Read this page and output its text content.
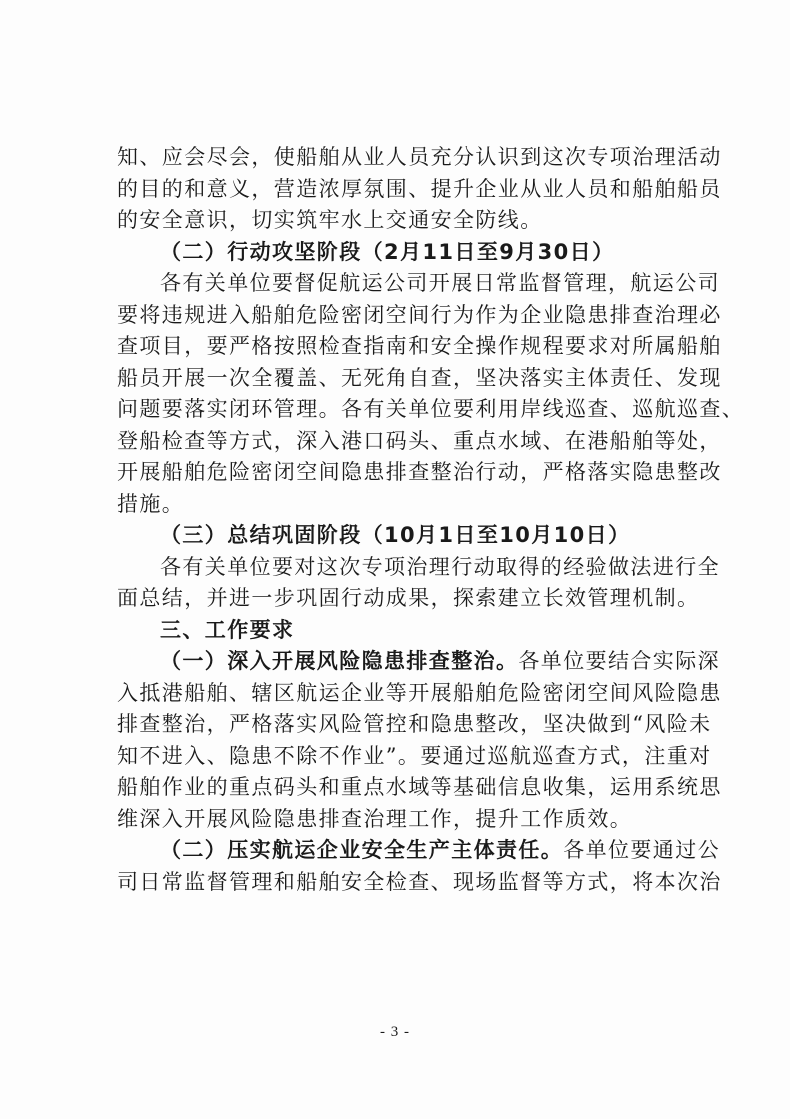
知、应会尽会，使船舶从业人员充分认识到这次专项治理活动
的目的和意义，营造浓厚氛围、提升企业从业人员和船舶船员
的安全意识，切实筑牢水上交通安全防线。
（二）行动攻坚阶段（2月11日至9月30日）
各有关单位要督促航运公司开展日常监督管理，航运公司
要将违规进入船舶危险密闭空间行为作为企业隐患排查治理必
查项目，要严格按照检查指南和安全操作规程要求对所属船舶
船员开展一次全覆盖、无死角自查，坚决落实主体责任、发现
问题要落实闭环管理。各有关单位要利用岸线巡查、巡航巡查、
登船检查等方式，深入港口码头、重点水域、在港船舶等处，
开展船舶危险密闭空间隐患排查整治行动，严格落实隐患整改
措施。
（三）总结巩固阶段（10月1日至10月10日）
各有关单位要对这次专项治理行动取得的经验做法进行全
面总结，并进一步巩固行动成果，探索建立长效管理机制。
三、工作要求
（一）深入开展风险隐患排查整治。各单位要结合实际深
入抵港船舶、辖区航运企业等开展船舶危险密闭空间风险隐患
排查整治，严格落实风险管控和隐患整改，坚决做到“风险未
知不进入、隐患不除不作业”。要通过巡航巡查方式，注重对
船舶作业的重点码头和重点水域等基础信息收集，运用系统思
维深入开展风险隐患排查治理工作，提升工作质效。
（二）压实航运企业安全生产主体责任。各单位要通过公
司日常监督管理和船舶安全检查、现场监督等方式，将本次治
- 3 -
